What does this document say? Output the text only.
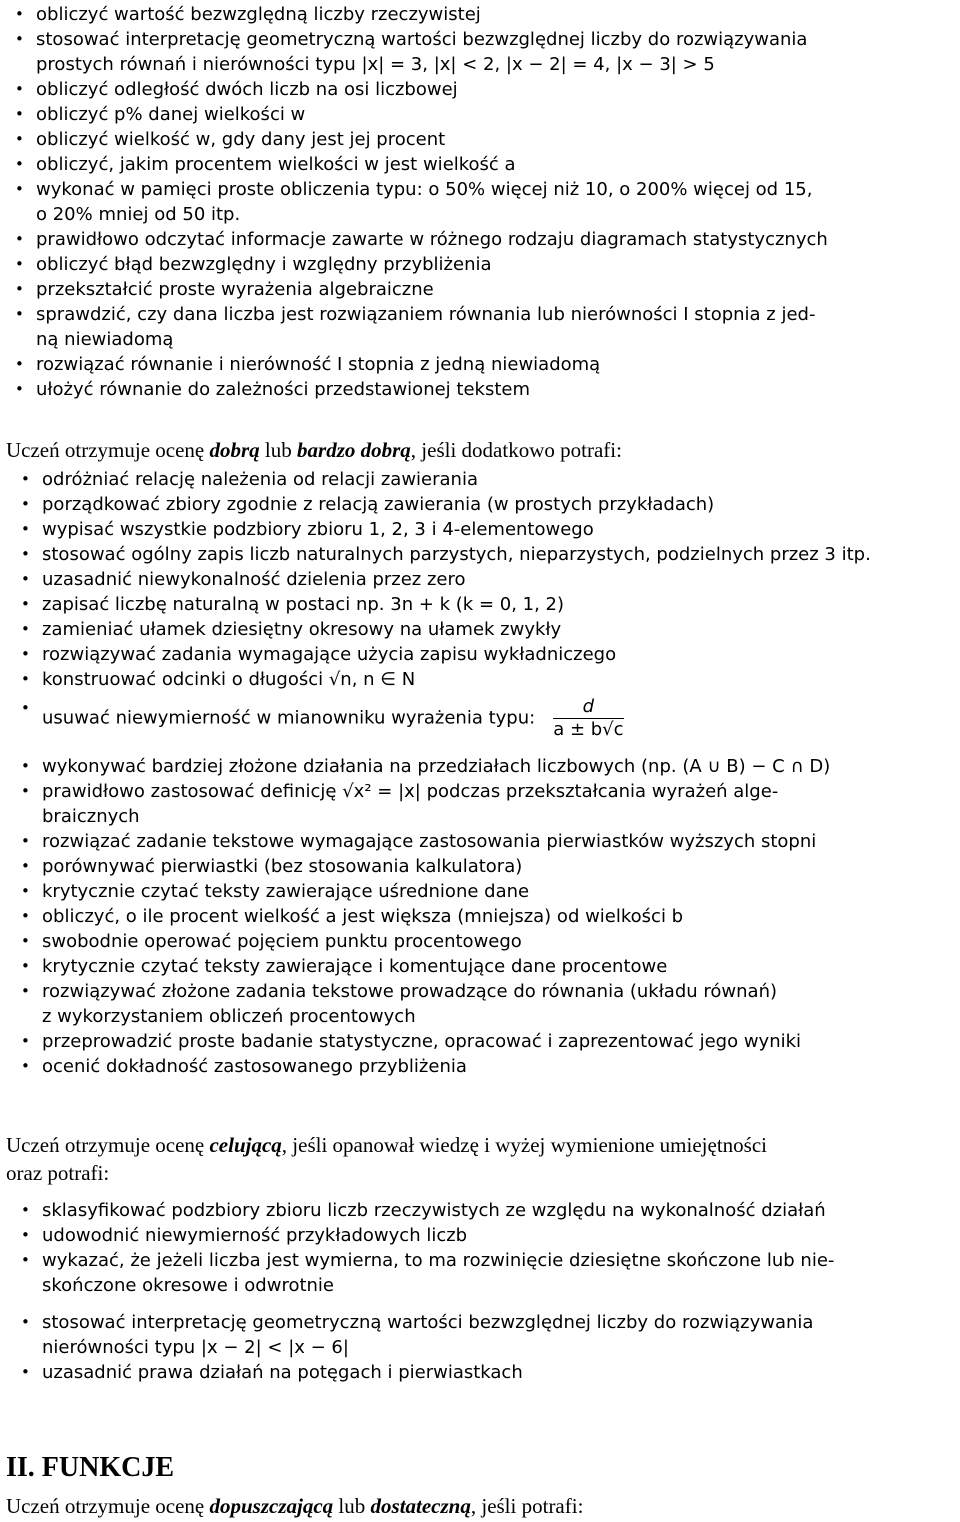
• obliczyć wartość bezwzględną liczby rzeczywistej
• stosować interpretację geometryczną wartości bezwzględnej liczby do rozwiązywania
prostych równań i nierówności typu |x| = 3, |x| < 2, |x − 2| = 4, |x − 3| > 5
• obliczyć odległość dwóch liczb na osi liczbowej
• obliczyć p% danej wielkości w
• obliczyć wielkość w, gdy dany jest jej procent
• obliczyć, jakim procentem wielkości w jest wielkość a
• wykonać w pamięci proste obliczenia typu: o 50% więcej niż 10, o 200% więcej od 15,
o 20% mniej od 50 itp.
• prawidłowo odczytać informacje zawarte w różnego rodzaju diagramach statystycznych
• obliczyć błąd bezwzględny i względny przybliżenia
• przekształcić proste wyrażenia algebraiczne
• sprawdzić, czy dana liczba jest rozwiązaniem równania lub nierówności I stopnia z jed-
ną niewiadomą
• rozwiązać równanie i nierówność I stopnia z jedną niewiadomą
• ułożyć równanie do zależności przedstawionej tekstem
Uczeń otrzymuje ocenę dobrą lub bardzo dobrą, jeśli dodatkowo potrafi:
• odróżniać relację należenia od relacji zawierania
• porządkować zbiory zgodnie z relacją zawierania (w prostych przykładach)
• wypisać wszystkie podzbiory zbioru 1, 2, 3 i 4-elementowego
• stosować ogólny zapis liczb naturalnych parzystych, nieparzystych, podzielnych przez 3 itp.
• uzasadnić niewykonalność dzielenia przez zero
• zapisać liczbę naturalną w postaci np. 3n + k (k = 0, 1, 2)
• zamieniać ułamek dziesiętny okresowy na ułamek zwykły
• rozwiązywać zadania wymagające użycia zapisu wykładniczego
• konstruować odcinki o długości √n, n ∈ N
• usuwać niewymierność w mianowniku wyrażenia typu: $\frac{d}{a \pm b√c}$
• wykonywać bardziej złożone działania na przedziałach liczbowych (np. (A ∪ B) − C ∩ D)
• prawidłowo zastosować definicję √x² = |x| podczas przekształcania wyrażeń alge-
braicznych
• rozwiązać zadanie tekstowe wymagające zastosowania pierwiastków wyższych stopni
• porównywać pierwiastki (bez stosowania kalkulatora)
• krytycznie czytać teksty zawierające uśrednione dane
• obliczyć, o ile procent wielkość a jest większa (mniejsza) od wielkości b
• swobodnie operować pojęciem punktu procentowego
• krytycznie czytać teksty zawierające i komentujące dane procentowe
• rozwiązywać złożone zadania tekstowe prowadzące do równania (układu równań)
z wykorzystaniem obliczeń procentowych
• przeprowadzić proste badanie statystyczne, opracować i zaprezentować jego wyniki
• ocenić dokładność zastosowanego przybliżenia
Uczeń otrzymuje ocenę celującą, jeśli opanował wiedzę i wyżej wymienione umiejętności
oraz potrafi:
• sklasyfikować podzbiory zbioru liczb rzeczywistych ze względu na wykonalność działań
• udowodnić niewymierność przykładowych liczb
• wykazać, że jeżeli liczba jest wymierna, to ma rozwinięcie dziesiętne skończone lub nie-
skończone okresowe i odwrotnie
• stosować interpretację geometryczną wartości bezwzględnej liczby do rozwiązywania
nierówności typu |x − 2| < |x − 6|
• uzasadnić prawa działań na potęgach i pierwiastkach
II. FUNKCJE
Uczeń otrzymuje ocenę dopuszczającą lub dostateczną, jeśli potrafi:
